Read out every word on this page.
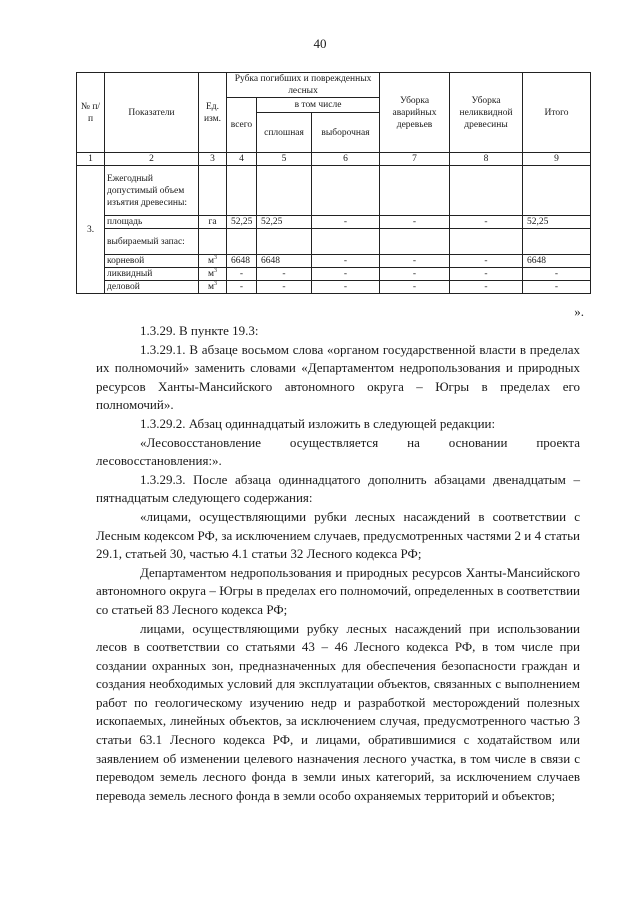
40
№ п/п	Показатели	Ед. изм.	Рубка погибших и поврежденных лесных			Уборка аварийных деревьев	Уборка неликвидной древесины	Итого
			всего	в том числе				
				сплошная	выборочная			
1	2	3	4	5	6	7	8	9
3.	Ежегодный допустимый объем изъятия древесины:							
	площадь	га	52,25	52,25	-	-	-	52,25
	выбираемый запас:							
	корневой	$м^3$	6648	6648	-	-	-	6648
	ликвидный	$м^3$	-	-	-	-	-	-
	деловой	$м^3$	-	-	-	-	-	-
».

1.3.29. В пункте 19.3:

1.3.29.1. В абзаце восьмом слова «органом государственной власти в пределах их полномочий» заменить словами «Департаментом недропользования и природных ресурсов Ханты-Мансийского автономного округа – Югры в пределах его полномочий».

1.3.29.2. Абзац одиннадцатый изложить в следующей редакции:

«Лесовосстановление осуществляется на основании проекта лесовосстановления:».

1.3.29.3. После абзаца одиннадцатого дополнить абзацами двенадцатым – пятнадцатым следующего содержания:

«лицами, осуществляющими рубки лесных насаждений в соответствии с Лесным кодексом РФ, за исключением случаев, предусмотренных частями 2 и 4 статьи 29.1, статьей 30, частью 4.1 статьи 32 Лесного кодекса РФ;

Департаментом недропользования и природных ресурсов Ханты-Мансийского автономного округа – Югры в пределах его полномочий, определенных в соответствии со статьей 83 Лесного кодекса РФ;

лицами, осуществляющими рубку лесных насаждений при использовании лесов в соответствии со статьями 43 – 46 Лесного кодекса РФ, в том числе при создании охранных зон, предназначенных для обеспечения безопасности граждан и создания необходимых условий для эксплуатации объектов, связанных с выполнением работ по геологическому изучению недр и разработкой месторождений полезных ископаемых, линейных объектов, за исключением случая, предусмотренного частью 3 статьи 63.1 Лесного кодекса РФ, и лицами, обратившимися с ходатайством или заявлением об изменении целевого назначения лесного участка, в том числе в связи с переводом земель лесного фонда в земли иных категорий, за исключением случаев перевода земель лесного фонда в земли особо охраняемых территорий и объектов;
